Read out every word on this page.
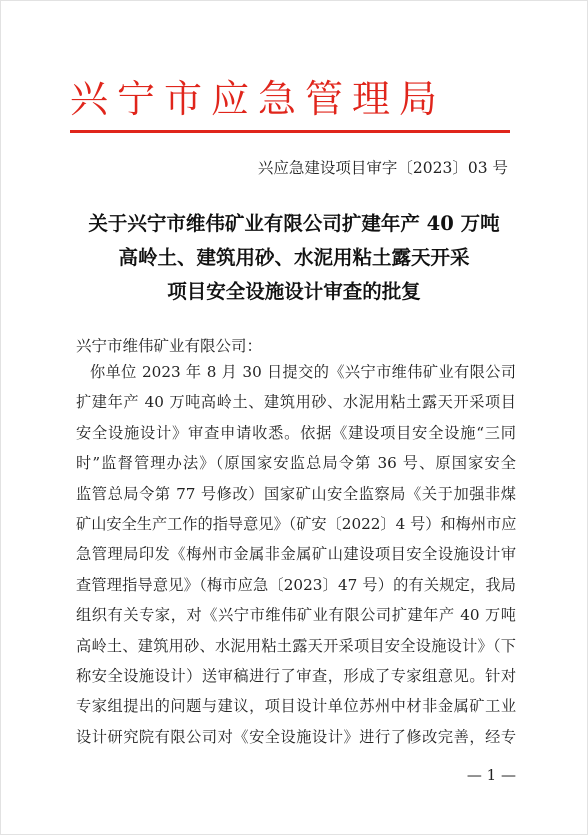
兴宁市应急管理局
兴应急建设项目审字〔2023〕03 号
关于兴宁市维伟矿业有限公司扩建年产 40 万吨
高岭土、建筑用砂、水泥用粘土露天开采
项目安全设施设计审查的批复
兴宁市维伟矿业有限公司：
你单位 2023 年 8 月 30 日提交的《兴宁市维伟矿业有限公司
扩建年产 40 万吨高岭土、建筑用砂、水泥用粘土露天开采项目
安全设施设计》审查申请收悉。依据《建设项目安全设施“三同
时”监督管理办法》（原国家安监总局令第 36 号、原国家安全
监管总局令第 77 号修改）国家矿山安全监察局《关于加强非煤
矿山安全生产工作的指导意见》（矿安〔2022〕4 号）和梅州市应
急管理局印发《梅州市金属非金属矿山建设项目安全设施设计审
查管理指导意见》（梅市应急〔2023〕47 号）的有关规定，我局
组织有关专家，对《兴宁市维伟矿业有限公司扩建年产 40 万吨
高岭土、建筑用砂、水泥用粘土露天开采项目安全设施设计》（下
称安全设施设计）送审稿进行了审查，形成了专家组意见。针对
专家组提出的问题与建议，项目设计单位苏州中材非金属矿工业
设计研究院有限公司对《安全设施设计》进行了修改完善，经专
— 1 —
